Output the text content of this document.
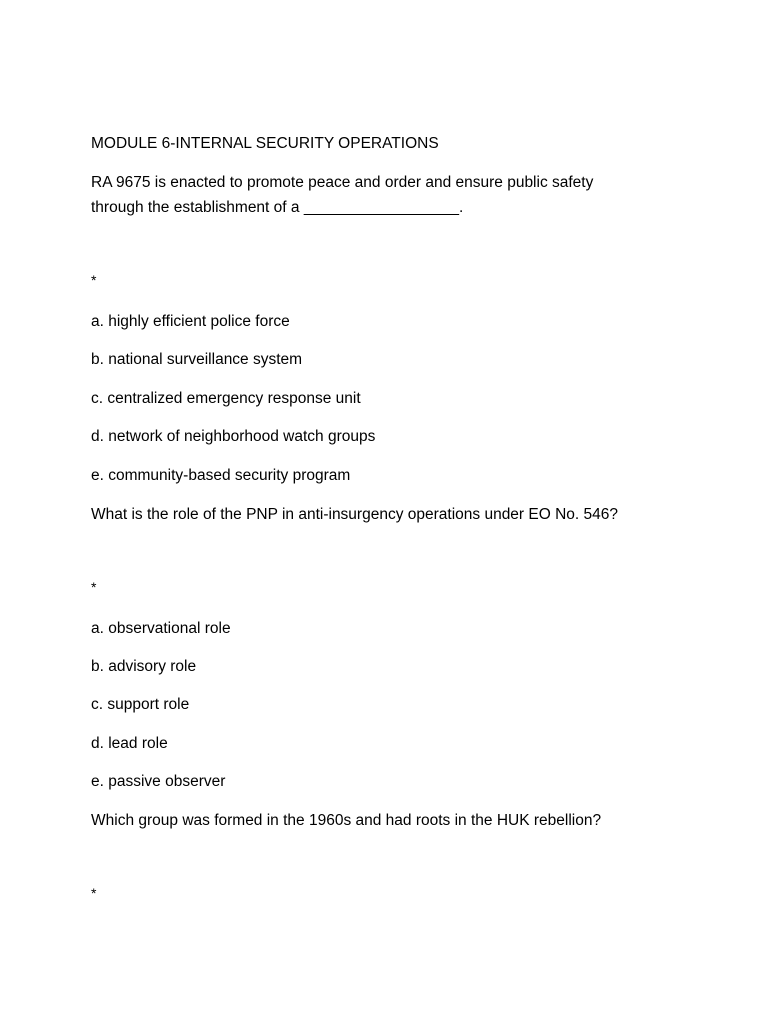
MODULE 6-INTERNAL SECURITY OPERATIONS
RA 9675 is enacted to promote peace and order and ensure public safety
through the establishment of a __________________.
*
a. highly efficient police force
b. national surveillance system
c. centralized emergency response unit
d. network of neighborhood watch groups
e. community-based security program
What is the role of the PNP in anti-insurgency operations under EO No. 546?
*
a. observational role
b. advisory role
c. support role
d. lead role
e. passive observer
Which group was formed in the 1960s and had roots in the HUK rebellion?
*
